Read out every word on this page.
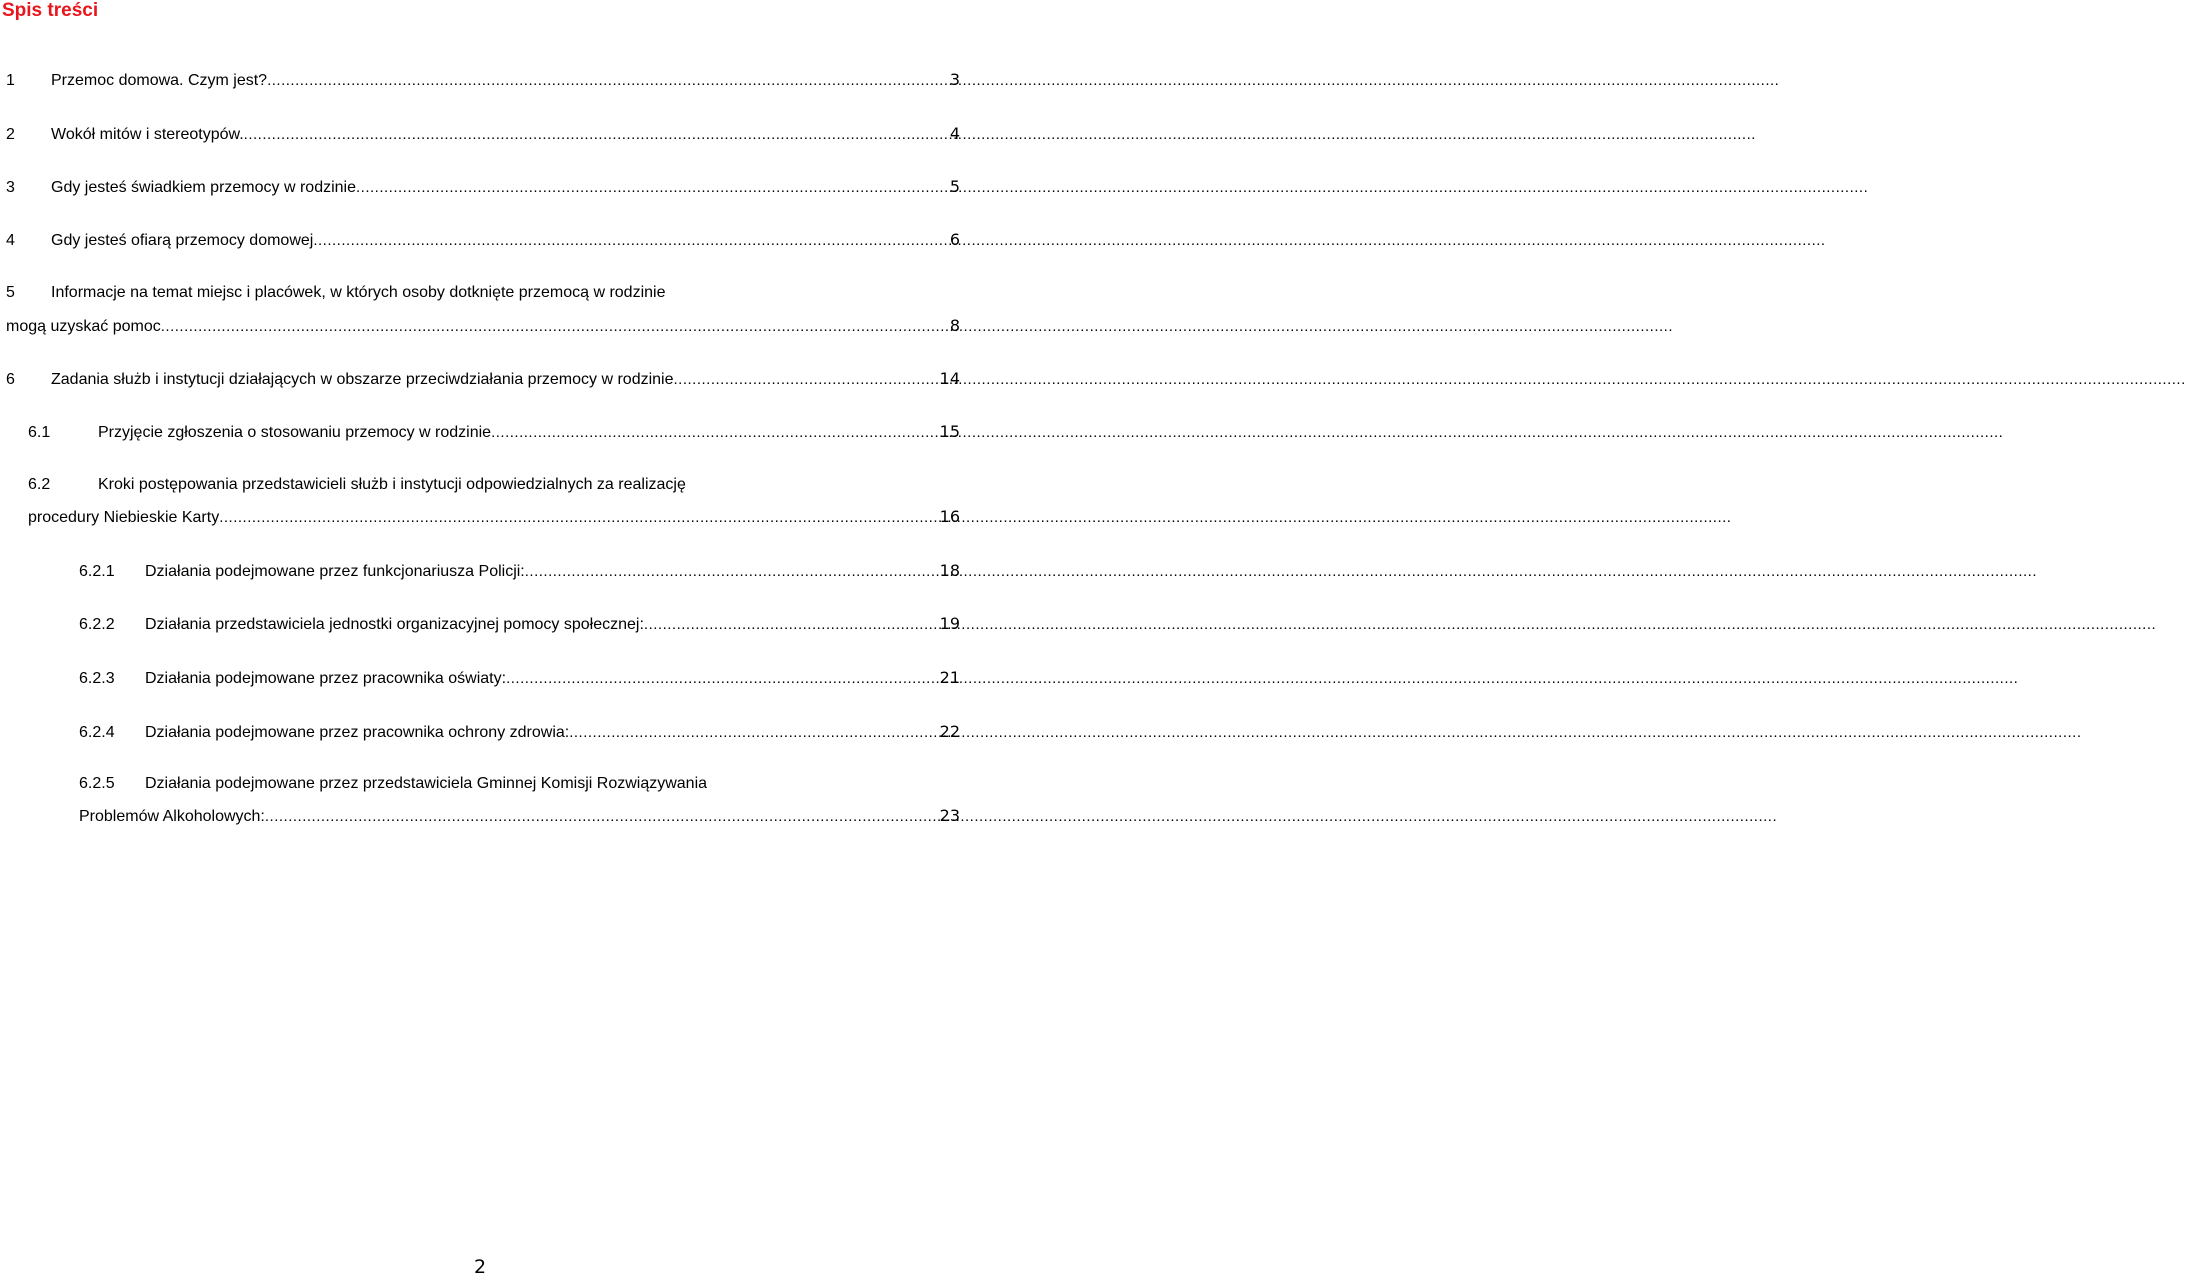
Spis treści
1	Przemoc domowa. Czym jest? .....	3
2	Wokół mitów i stereotypów. .....	4
3	Gdy jesteś świadkiem przemocy w rodzinie .....	5
4	Gdy jesteś ofiarą przemocy domowej .....	6
5	Informacje na temat miejsc i placówek, w których osoby dotknięte przemocą w rodzinie
mogą uzyskać pomoc .....	8
6	Zadania służb i instytucji działających w obszarze przeciwdziałania przemocy w rodzinie .....	14
6.1	Przyjęcie zgłoszenia o stosowaniu przemocy w rodzinie .....	15
6.2	Kroki postępowania przedstawicieli służb i instytucji odpowiedzialnych za realizację
procedury Niebieskie Karty .....	16
6.2.1	Działania podejmowane przez funkcjonariusza Policji: .....	18
6.2.2	Działania przedstawiciela jednostki organizacyjnej pomocy społecznej: .....	19
6.2.3	Działania podejmowane przez pracownika oświaty: .....	21
6.2.4	Działania podejmowane przez pracownika ochrony zdrowia: .....	22
6.2.5	Działania podejmowane przez przedstawiciela Gminnej Komisji Rozwiązywania
Problemów Alkoholowych: .....	23
2
